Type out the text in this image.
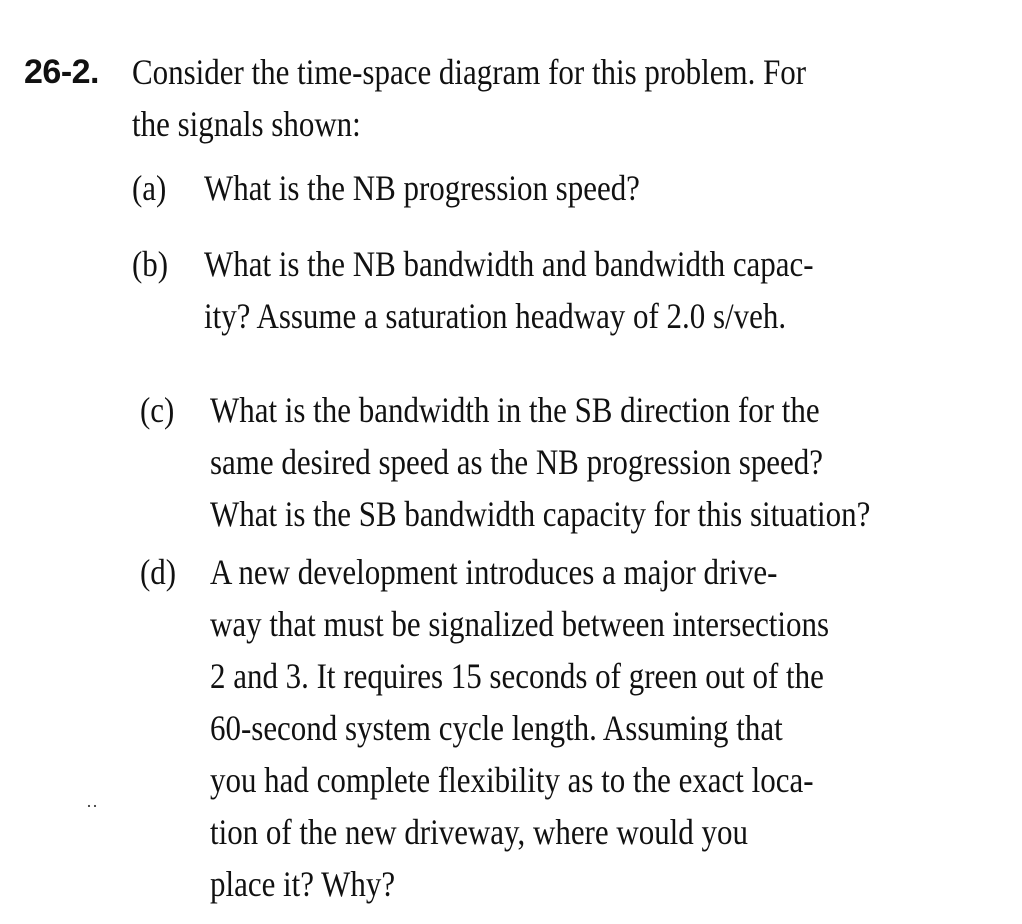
26-2. Consider the time-space diagram for this problem. For
the signals shown:
(a) What is the NB progression speed?
(b) What is the NB bandwidth and bandwidth capac-
ity? Assume a saturation headway of 2.0 s/veh.
(c) What is the bandwidth in the SB direction for the
same desired speed as the NB progression speed?
What is the SB bandwidth capacity for this situation?
(d) A new development introduces a major drive-
way that must be signalized between intersections
2 and 3. It requires 15 seconds of green out of the
60-second system cycle length. Assuming that
you had complete flexibility as to the exact loca-
tion of the new driveway, where would you
place it? Why?
··
